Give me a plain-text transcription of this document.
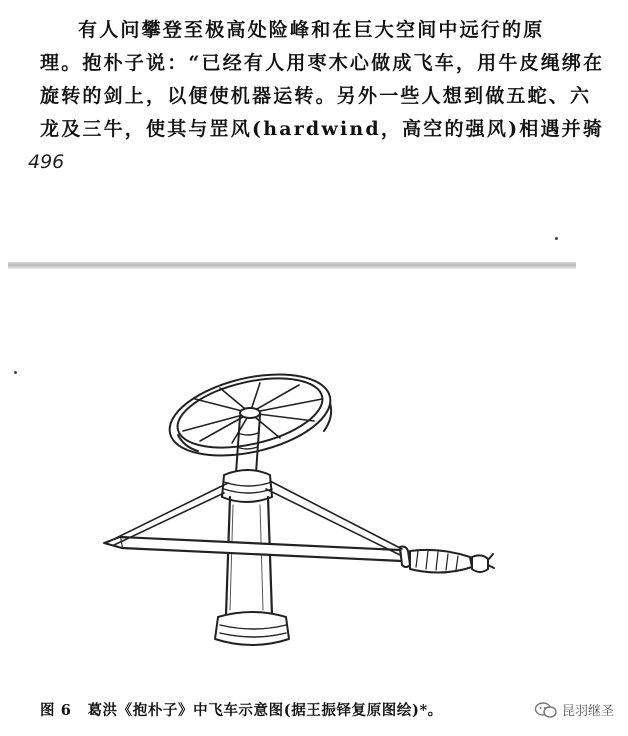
有人问攀登至极高处险峰和在巨大空间中远行的原
理。抱朴子说：“已经有人用枣木心做成飞车，用牛皮绳绑在
旋转的剑上，以便使机器运转。另外一些人想到做五蛇、六
龙及三牛，使其与罡风(hardwind，高空的强风)相遇并骑
496
图 6 葛洪《抱朴子》中飞车示意图(据王振铎复原图绘)*。	昆羽继圣
